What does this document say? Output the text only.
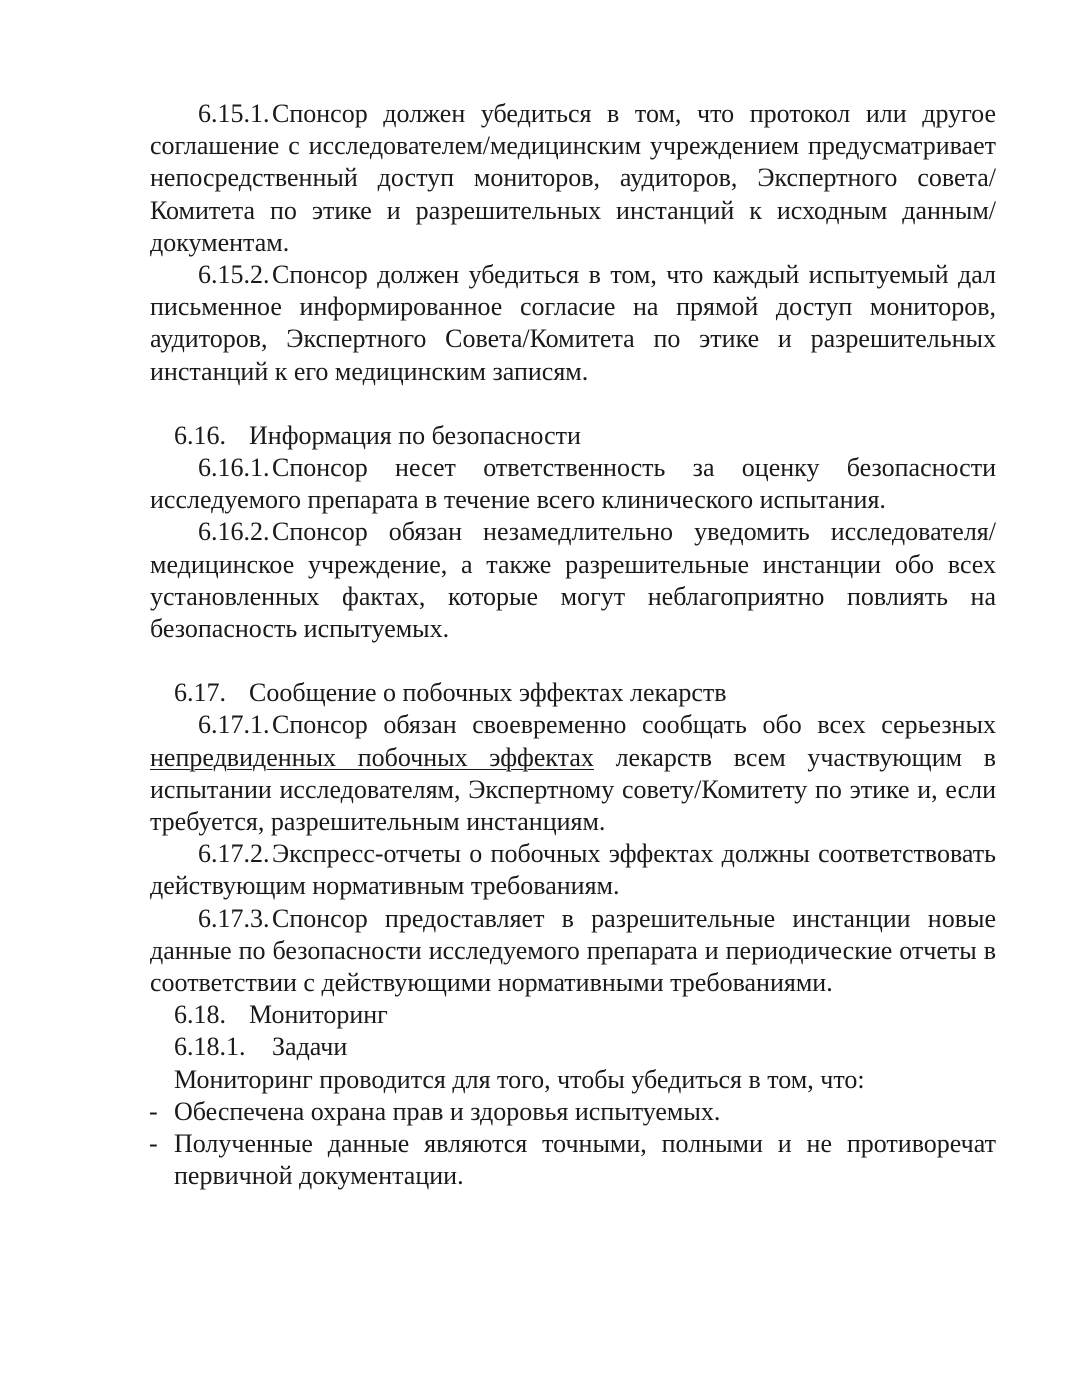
6.15.1.Спонсор должен убедиться в том, что протокол или другое соглашение с исследователем/медицинским учреждением предусматривает непосредственный доступ мониторов, аудиторов, Экспертного совета/Комитета по этике и разрешительных инстанций к исходным данным/документам.

6.15.2.Спонсор должен убедиться в том, что каждый испытуемый дал письменное информированное согласие на прямой доступ мониторов, аудиторов, Экспертного Совета/Комитета по этике и разрешительных инстанций к его медицинским записям.

6.16. Информация по безопасности

6.16.1.Спонсор несет ответственность за оценку безопасности исследуемого препарата в течение всего клинического испытания.

6.16.2.Спонсор обязан незамедлительно уведомить исследователя/медицинское учреждение, а также разрешительные инстанции обо всех установленных фактах, которые могут неблагоприятно повлиять на безопасность испытуемых.

6.17. Сообщение о побочных эффектах лекарств

6.17.1.Спонсор обязан своевременно сообщать обо всех серьезных непредвиденных побочных эффектах лекарств всем участвующим в испытании исследователям, Экспертному совету/Комитету по этике и, если требуется, разрешительным инстанциям.

6.17.2.Экспресс-отчеты о побочных эффектах должны соответствовать действующим нормативным требованиям.

6.17.3.Спонсор предоставляет в разрешительные инстанции новые данные по безопасности исследуемого препарата и периодические отчеты в соответствии с действующими нормативными требованиями.

6.18. Мониторинг

6.18.1. Задачи

Мониторинг проводится для того, чтобы убедиться в том, что:

- Обеспечена охрана прав и здоровья испытуемых.

- Полученные данные являются точными, полными и не противоречат первичной документации.
